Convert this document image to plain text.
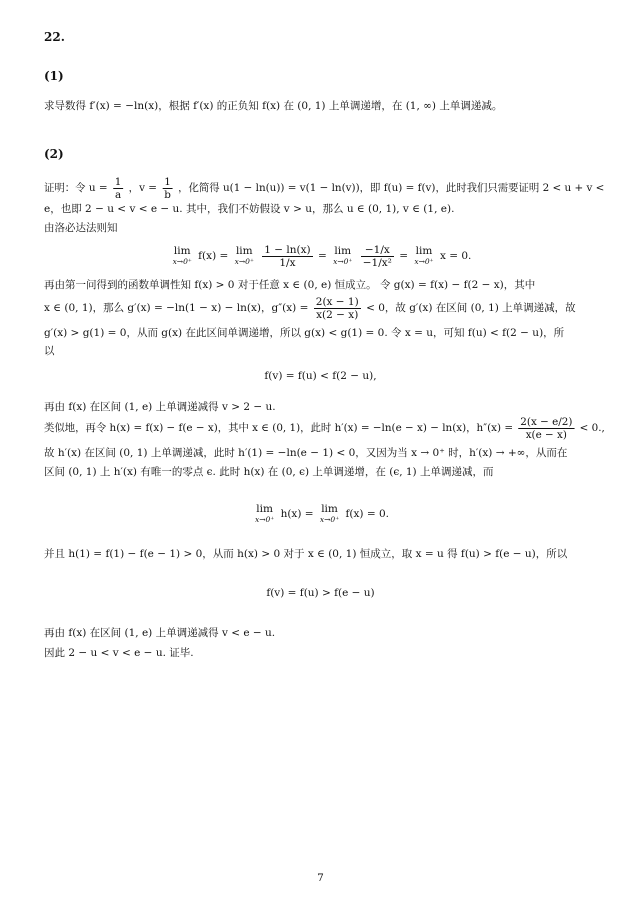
22.
(1)
求导数得 f′(x) = −ln(x)，根据 f′(x) 的正负知 f(x) 在 (0, 1) 上单调递增，在 (1, ∞) 上单调递减。
(2)
证明：令 $u = \frac{1}{a}$ ，$v = \frac{1}{b}$ ，化简得 u(1 − ln(u)) = v(1 − ln(v))，即 f(u) = f(v)，此时我们只需要证明 2 < u + v <
e，也即 2 − u < v < e − u. 其中，我们不妨假设 v > u，那么 u ∈ (0, 1), v ∈ (1, e).
由洛必达法则知
lim
x→0⁺ f(x) = lim
x→0⁺
$\frac{1 - \ln(x)}{1/x} = \lim$
x→0⁺
$\frac{-1/x}{\text{−1/x²}} = \lim$
x→0⁺ x = 0.
再由第一问得到的函数单调性知 f(x) > 0 对于任意 x ∈ (0, e) 恒成立。 令 g(x) = f(x) − f(2 − x)，其中
x ∈ (0, 1)，那么 g′(x) = −ln(1 − x) − ln(x)，$g''(x) = \frac{2(x - 1)}{x(2 - x)} < 0$，故 g′(x) 在区间 (0, 1) 上单调递减，故
g′(x) > g(1) = 0，从而 g(x) 在此区间单调递增，所以 g(x) < g(1) = 0. 令 x = u，可知 f(u) < f(2 − u)，所
以
f(v) = f(u) < f(2 − u),
再由 f(x) 在区间 (1, e) 上单调递减得 v > 2 − u.
类似地，再令 h(x) = f(x) − f(e − x)，其中 x ∈ (0, 1)，此时 h′(x) = −ln(e − x) − ln(x)，$h''(x) = \frac{2(x - e/2)}{x(e - x)} < 0$.,
故 h′(x) 在区间 (0, 1) 上单调递减，此时 h′(1) = −ln(e − 1) < 0，又因为当 x → 0⁺ 时，h′(x) → +∞，从而在
区间 (0, 1) 上 h′(x) 有唯一的零点 ϵ. 此时 h(x) 在 (0, ϵ) 上单调递增，在 (ϵ, 1) 上单调递减，而
lim
x→0⁺ h(x) = lim
x→0⁺ f(x) = 0.
并且 h(1) = f(1) − f(e − 1) > 0，从而 h(x) > 0 对于 x ∈ (0, 1) 恒成立，取 x = u 得 f(u) > f(e − u)，所以
f(v) = f(u) > f(e − u)
再由 f(x) 在区间 (1, e) 上单调递减得 v < e − u.
因此 2 − u < v < e − u. 证毕.
7
